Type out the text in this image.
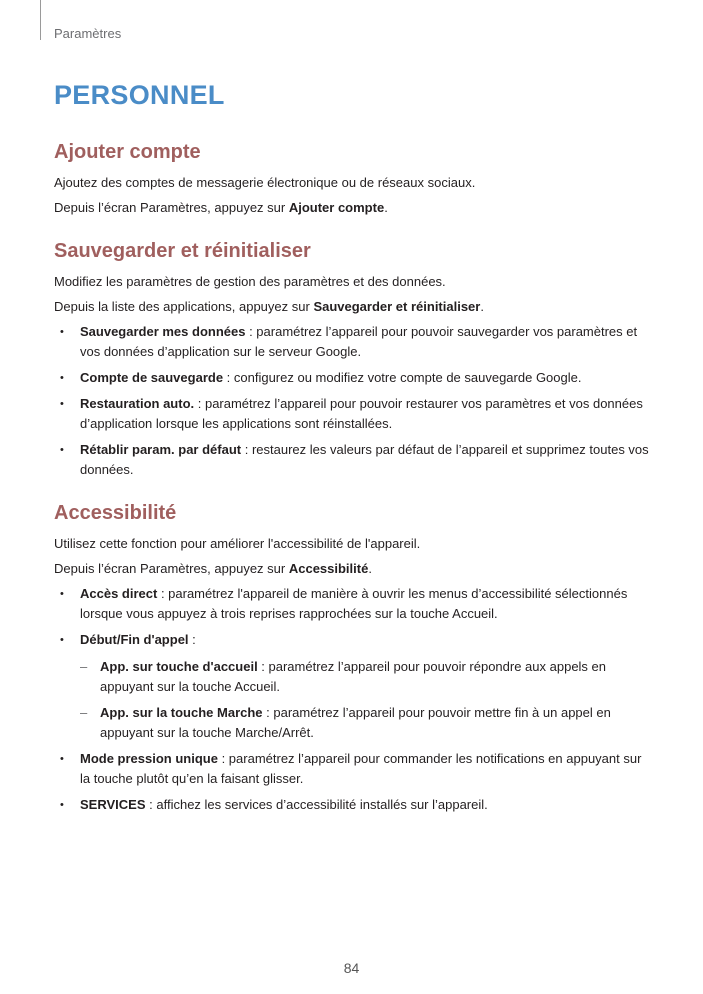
Paramètres
PERSONNEL
Ajouter compte

Ajoutez des comptes de messagerie électronique ou de réseaux sociaux.

Depuis l’écran Paramètres, appuyez sur Ajouter compte.

Sauvegarder et réinitialiser

Modifiez les paramètres de gestion des paramètres et des données.

Depuis la liste des applications, appuyez sur Sauvegarder et réinitialiser.

• Sauvegarder mes données : paramétrez l’appareil pour pouvoir sauvegarder vos paramètres et vos données d’application sur le serveur Google.
• Compte de sauvegarde : configurez ou modifiez votre compte de sauvegarde Google.
• Restauration auto. : paramétrez l’appareil pour pouvoir restaurer vos paramètres et vos données d’application lorsque les applications sont réinstallées.
• Rétablir param. par défaut : restaurez les valeurs par défaut de l’appareil et supprimez toutes vos données.
Accessibilité

Utilisez cette fonction pour améliorer l'accessibilité de l'appareil.

Depuis l’écran Paramètres, appuyez sur Accessibilité.

• Accès direct : paramétrez l'appareil de manière à ouvrir les menus d’accessibilité sélectionnés lorsque vous appuyez à trois reprises rapprochées sur la touche Accueil.
• Début/Fin d'appel :
– App. sur touche d'accueil : paramétrez l’appareil pour pouvoir répondre aux appels en appuyant sur la touche Accueil.
– App. sur la touche Marche : paramétrez l’appareil pour pouvoir mettre fin à un appel en appuyant sur la touche Marche/Arrêt.
• Mode pression unique : paramétrez l’appareil pour commander les notifications en appuyant sur la touche plutôt qu’en la faisant glisser.
• SERVICES : affichez les services d’accessibilité installés sur l’appareil.
84
